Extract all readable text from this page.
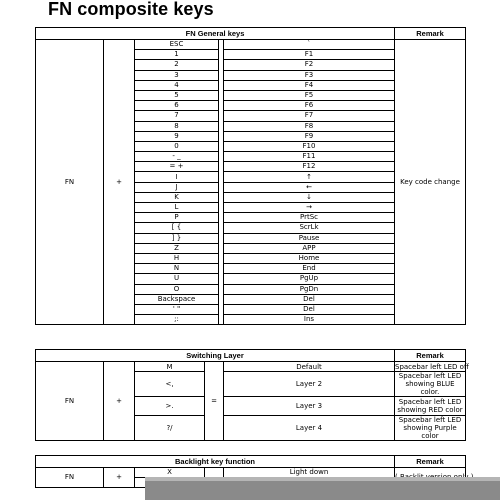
FN composite keys
FN General keys					Remark
FN	+	ESC		`	Key code change
		1		F1	
		2		F2	
		3		F3	
		4		F4	
		5		F5	
		6		F6	
		7		F7	
		8		F8	
		9		F9	
		0		F10	
		- _		F11	
		= +		F12	
		I		↑	
		J		←	
		K		↓	
		L		→	
		P		PrtSc	
		[ {		ScrLk	
		] }		Pause	
		Z		APP	
		H		Home	
		N		End	
		U		PgUp	
		O		PgDn	
		Backspace		Del	
		' "		Del	
		;:		Ins	
Switching Layer					Remark
FN	+	M	=	Default	Spacebar left LED off
		<,		Layer 2	Spacebar left LED showing BLUE color.
		>.		Layer 3	Spacebar left LED showing RED color
		?/		Layer 4	Spacebar left LED showing Purple color
Backlight key function					Remark
FN	+	X		Light down	
